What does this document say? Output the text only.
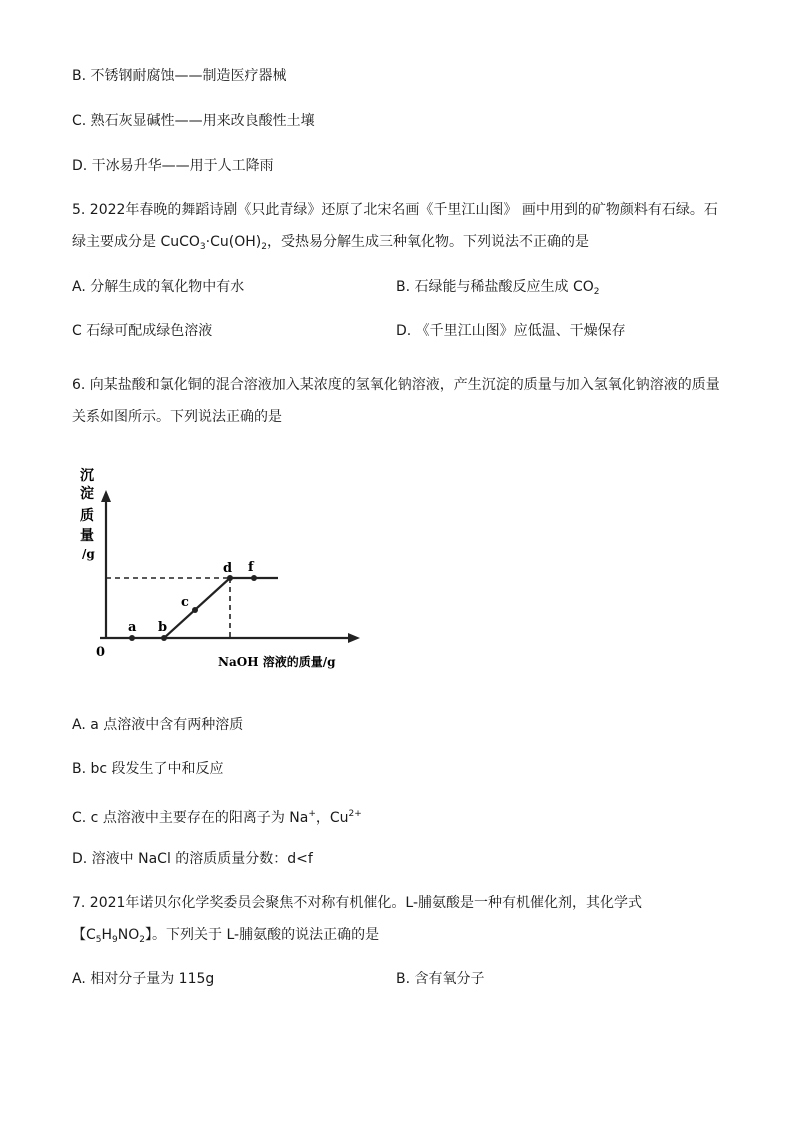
B. 不锈钢耐腐蚀——制造医疗器械
C. 熟石灰显碱性——用来改良酸性土壤
D. 干冰易升华——用于人工降雨
5. 2022年春晚的舞蹈诗剧《只此青绿》还原了北宋名画《千里江山图》 画中用到的矿物颜料有石绿。石
绿主要成分是 $CuCO_3\cdot Cu(OH)_2$，受热易分解生成三种氧化物。下列说法不正确的是
A. 分解生成的氧化物中有水	B. 石绿能与稀盐酸反应生成 $CO_2$
C 石绿可配成绿色溶液	D. 《千里江山图》应低温、干燥保存
6. 向某盐酸和氯化铜的混合溶液加入某浓度的氢氧化钠溶液，产生沉淀的质量与加入氢氧化钠溶液的质量
关系如图所示。下列说法正确的是
a b
c
d f
0
沉
淀
质
量
/g
NaOH 溶液的质量/g
A. a 点溶液中含有两种溶质
B. bc 段发生了中和反应
C. c 点溶液中主要存在的阳离子为 Na+，$Cu^{2+}$
D. 溶液中 NaCl 的溶质质量分数：d<f
7. 2021年诺贝尔化学奖委员会聚焦不对称有机催化。L-脯氨酸是一种有机催化剂，其化学式
【$C_5H_9NO_2$】。下列关于 L-脯氨酸的说法正确的是
A. 相对分子量为 115g	B. 含有氧分子
